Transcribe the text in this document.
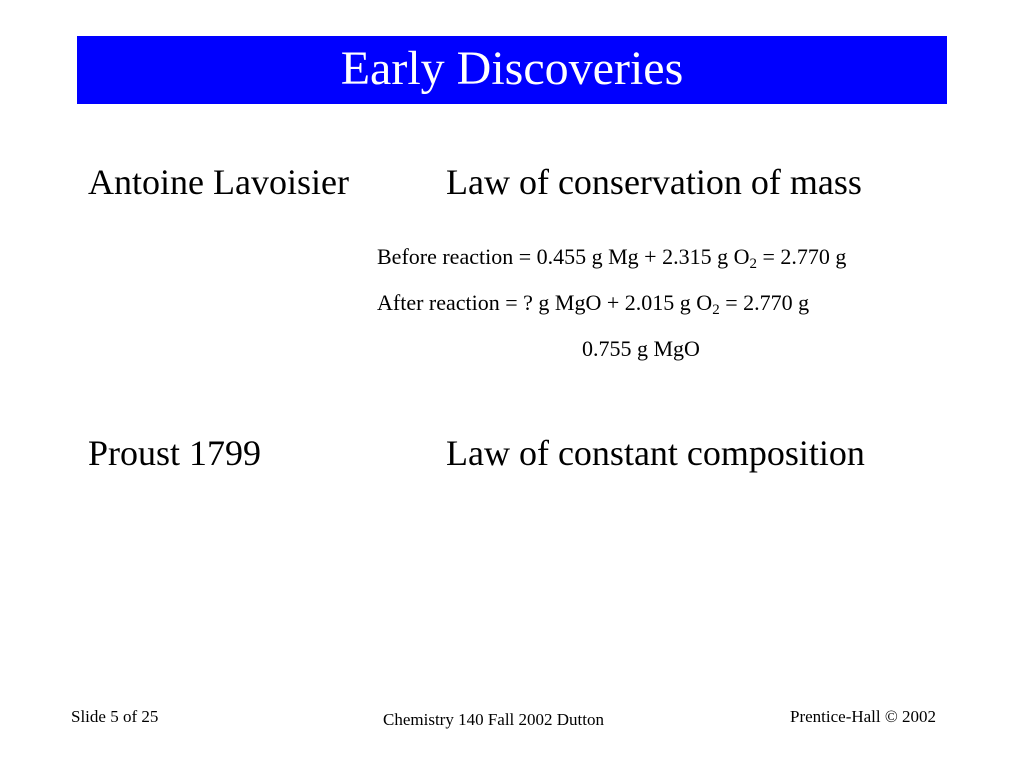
Early Discoveries
Antoine Lavoisier	Law of conservation of mass
Before reaction = 0.455 g Mg + 2.315 g $O_2 = 2.770$ g
After reaction = ? g MgO + 2.015 g $O_2 = 2.770$ g
0.755 g MgO
Proust 1799	Law of constant composition
Slide 5 of 25	Chemistry 140 Fall 2002 Dutton	Prentice-Hall © 2002
